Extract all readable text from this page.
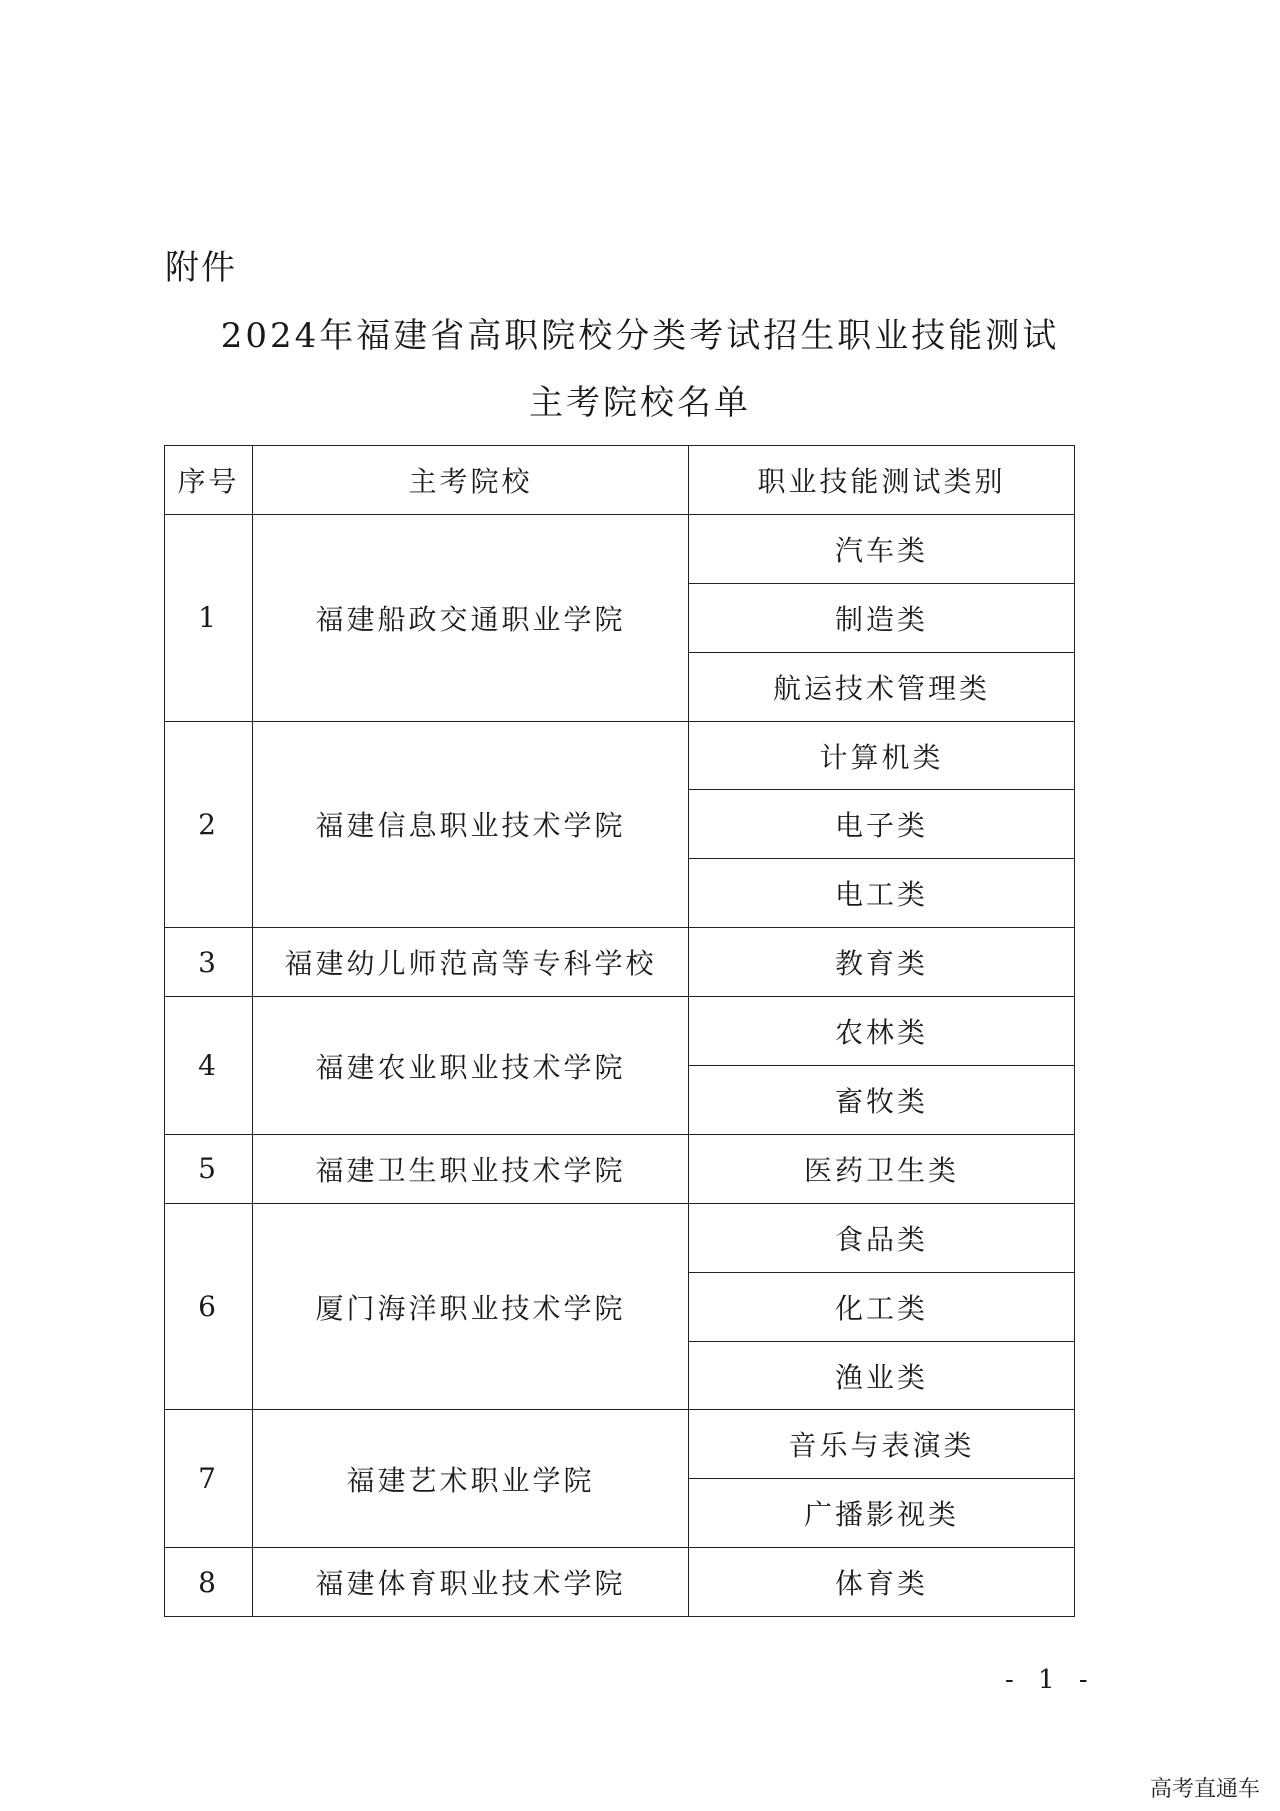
附件
2024年福建省高职院校分类考试招生职业技能测试
主考院校名单
序号	主考院校	职业技能测试类别
1	福建船政交通职业学院	汽车类
		制造类
		航运技术管理类
2	福建信息职业技术学院	计算机类
		电子类
		电工类
3	福建幼儿师范高等专科学校	教育类
4	福建农业职业技术学院	农林类
		畜牧类
5	福建卫生职业技术学院	医药卫生类
6	厦门海洋职业技术学院	食品类
		化工类
		渔业类
7	福建艺术职业学院	音乐与表演类
		广播影视类
8	福建体育职业技术学院	体育类
- 1 -
高考直通车
